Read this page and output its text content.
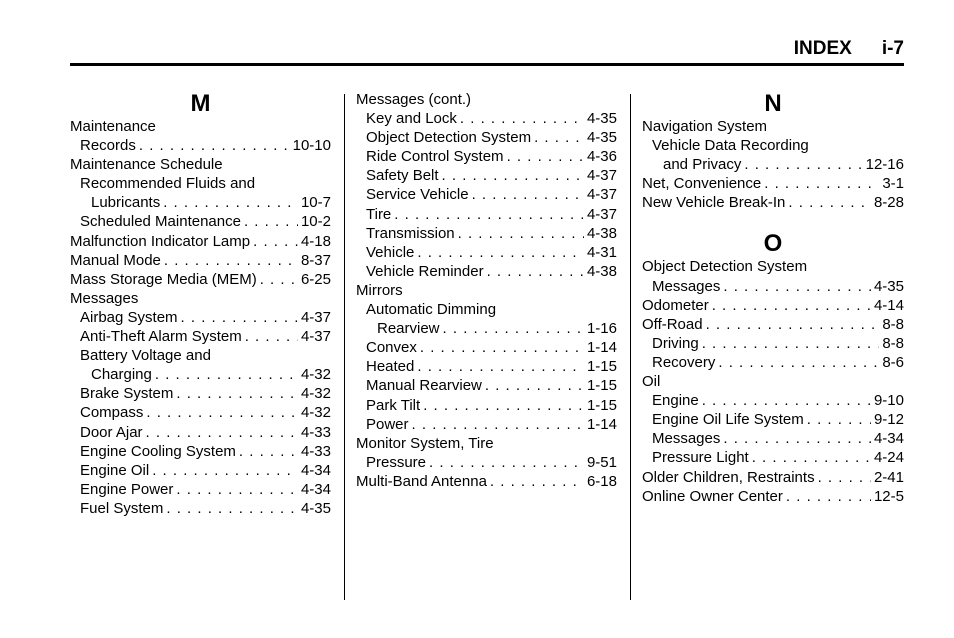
INDEX i-7
M
Maintenance
Records . . .	10-10
Maintenance Schedule
Recommended Fluids and
Lubricants . . .	10-7
Scheduled Maintenance . . .	10-2
Malfunction Indicator Lamp . . .	4-18
Manual Mode . . .	8-37
Mass Storage Media (MEM) . . .	6-25
Messages
Airbag System . . .	4-37
Anti-Theft Alarm System . . .	4-37
Battery Voltage and
Charging . . .	4-32
Brake System . . .	4-32
Compass . . .	4-32
Door Ajar . . .	4-33
Engine Cooling System . . .	4-33
Engine Oil . . .	4-34
Engine Power . . .	4-34
Fuel System . . .	4-35
Messages (cont.)
Key and Lock . . .	4-35
Object Detection System . . .	4-35
Ride Control System . . .	4-36
Safety Belt . . .	4-37
Service Vehicle . . .	4-37
Tire . . .	4-37
Transmission . . .	4-38
Vehicle . . .	4-31
Vehicle Reminder . . .	4-38
Mirrors
Automatic Dimming
Rearview . . .	1-16
Convex . . .	1-14
Heated . . .	1-15
Manual Rearview . . .	1-15
Park Tilt . . .	1-15
Power . . .	1-14
Monitor System, Tire
Pressure . . .	9-51
Multi-Band Antenna . . .	6-18
N
Navigation System
Vehicle Data Recording
and Privacy . . .	12-16
Net, Convenience . . .	3-1
New Vehicle Break-In . . .	8-28
O
Object Detection System
Messages . . .	4-35
Odometer . . .	4-14
Off-Road . . .	8-8
Driving . . .	8-8
Recovery . . .	8-6
Oil
Engine . . .	9-10
Engine Oil Life System . . .	9-12
Messages . . .	4-34
Pressure Light . . .	4-24
Older Children, Restraints . . .	2-41
Online Owner Center . . .	12-5
